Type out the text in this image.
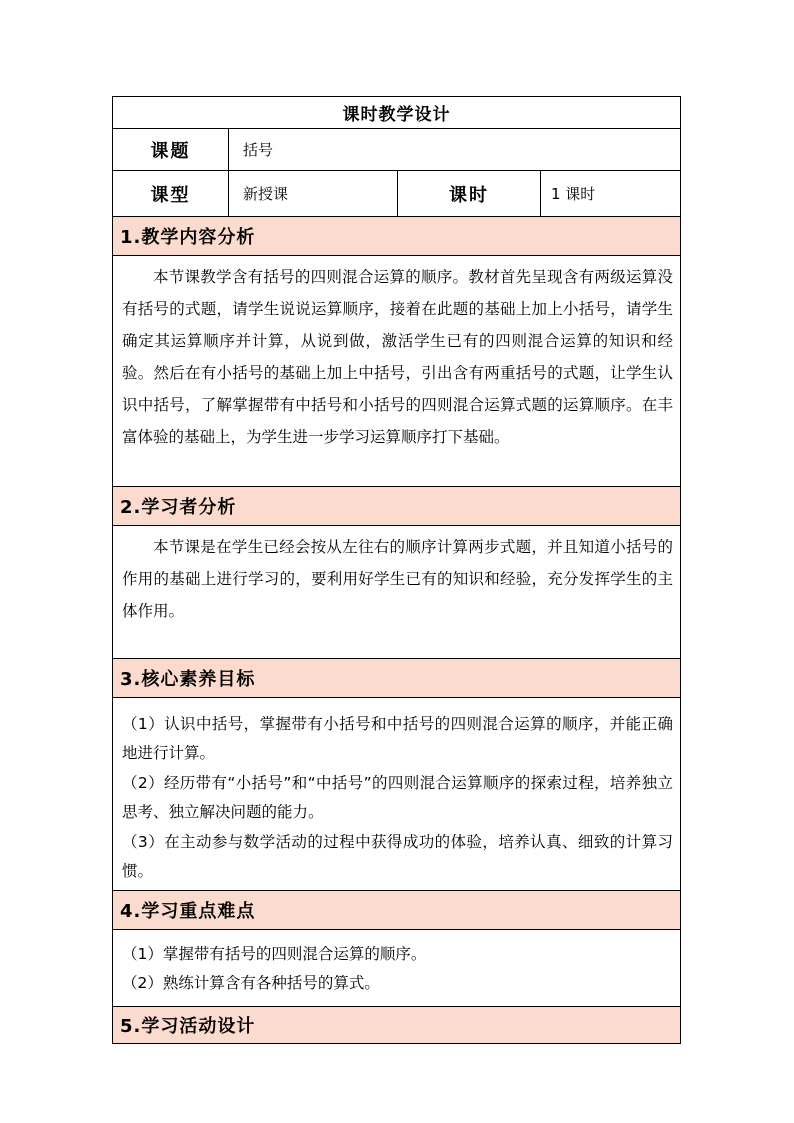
课时教学设计
课题	括号
课型	新授课	课时	1 课时
1.教学内容分析

本节课教学含有括号的四则混合运算的顺序。教材首先呈现含有两级运算没有括号的式题，请学生说说运算顺序，接着在此题的基础上加上小括号，请学生确定其运算顺序并计算，从说到做，激活学生已有的四则混合运算的知识和经验。然后在有小括号的基础上加上中括号，引出含有两重括号的式题，让学生认识中括号，了解掌握带有中括号和小括号的四则混合运算式题的运算顺序。在丰富体验的基础上，为学生进一步学习运算顺序打下基础。

2.学习者分析

本节课是在学生已经会按从左往右的顺序计算两步式题，并且知道小括号的作用的基础上进行学习的，要利用好学生已有的知识和经验，充分发挥学生的主体作用。

3.核心素养目标

（1）认识中括号，掌握带有小括号和中括号的四则混合运算的顺序，并能正确地进行计算。

（2）经历带有“小括号”和“中括号”的四则混合运算顺序的探索过程，培养独立思考、独立解决问题的能力。

（3）在主动参与数学活动的过程中获得成功的体验，培养认真、细致的计算习惯。

4.学习重点难点

（1）掌握带有括号的四则混合运算的顺序。

（2）熟练计算含有各种括号的算式。

5.学习活动设计
